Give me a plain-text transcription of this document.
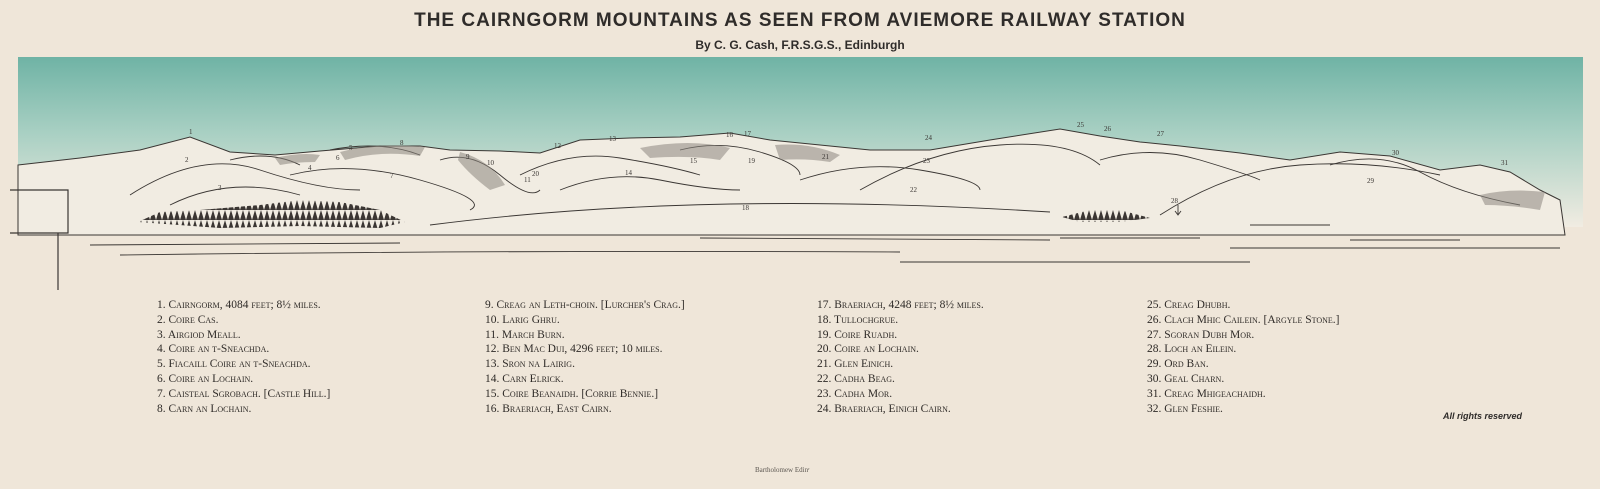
THE CAIRNGORM MOUNTAINS AS SEEN FROM AVIEMORE RAILWAY STATION
By C. G. Cash, F.R.S.G.S., Edinburgh
1
2
3
4
5
6
7
8
9
10
11
12
13
14
15
16 17
18
19
20
21
22
23
24
25	26
27
28
29
30
31
1. Cairngorm, 4084 feet; 8½ miles.
2. Coire Cas.
3. Airgiod Meall.
4. Coire an t-Sneachda.
5. Fiacaill Coire an t-Sneachda.
6. Coire an Lochain.
7. Caisteal Sgrobach. [Castle Hill.]
8. Carn an Lochain.
9. Creag an Leth-choin. [Lurcher's Crag.]
10. Larig Ghru.
11. March Burn.
12. Ben Mac Dui, 4296 feet; 10 miles.
13. Sron na Lairig.
14. Carn Elrick.
15. Coire Beanaidh. [Corrie Bennie.]
16. Braeriach, East Cairn.
17. Braeriach, 4248 feet; 8½ miles.
18. Tullochgrue.
19. Coire Ruadh.
20. Coire an Lochain.
21. Glen Einich.
22. Cadha Beag.
23. Cadha Mor.
24. Braeriach, Einich Cairn.
25. Creag Dhubh.
26. Clach Mhic Cailein. [Argyle Stone.]
27. Sgoran Dubh Mor.
28. Loch an Eilein.
29. Ord Ban.
30. Geal Charn.
31. Creag Mhigeachaidh.
32. Glen Feshie.
All rights reserved
Bartholomew Edinʳ
